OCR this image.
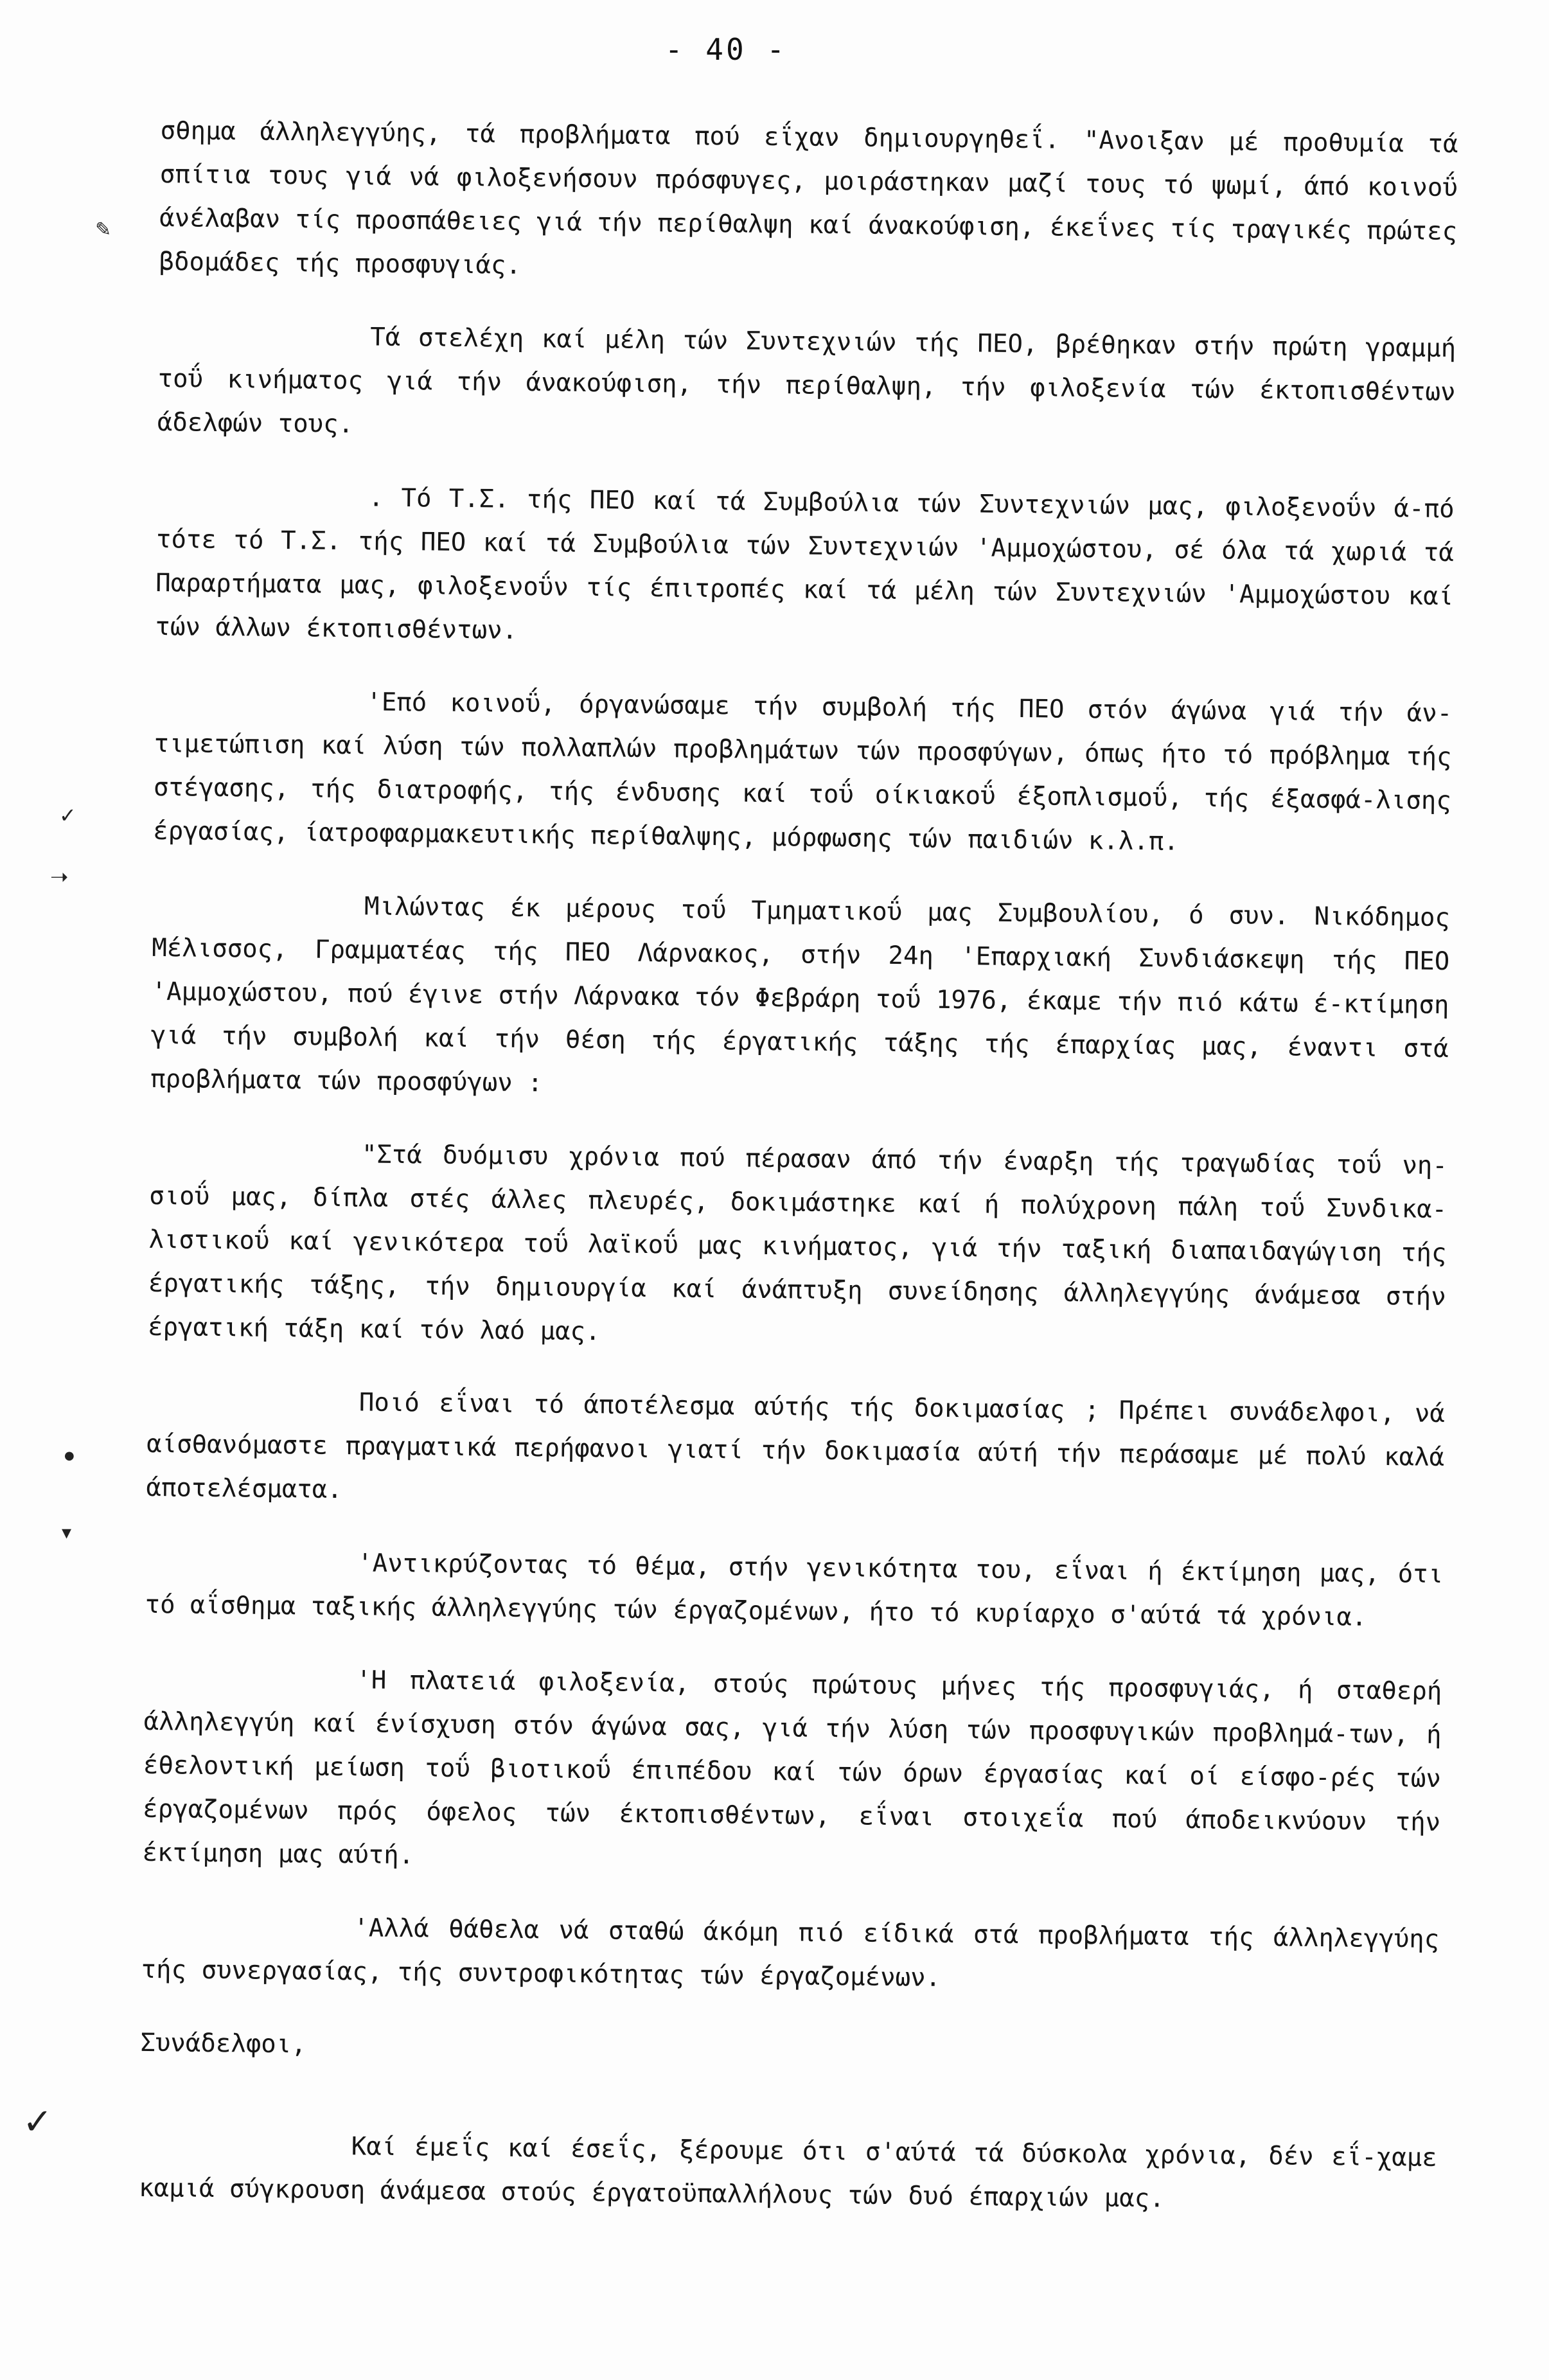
- 40 -
✎
✓
➝
●
▾
✓

σθημα άλληλεγγύης, τά προβλήματα πού εΐχαν δημιουργηθεΐ. "Ανοιξαν μέ προθυμία τά σπίτια τους γιά νά φιλοξενήσουν πρόσφυγες, μοιράστηκαν μαζί τους τό ψωμί, άπό κοινοΰ άνέλαβαν τίς προσπάθειες γιά τήν περίθαλψη καί άνακούφιση, έκεΐνες τίς τραγικές πρώτες βδομάδες τής προσφυγιάς.

Τά στελέχη καί μέλη τών Συντεχνιών τής ΠΕΟ, βρέθηκαν στήν πρώτη γραμμή τοΰ κινήματος γιά τήν άνακούφιση, τήν περίθαλψη, τήν φιλοξενία τών έκτοπισθέντων άδελφών τους.

. Τό Τ.Σ. τής ΠΕΟ καί τά Συμβούλια τών Συντεχνιών μας, φιλοξενοΰν ά-πό τότε τό Τ.Σ. τής ΠΕΟ καί τά Συμβούλια τών Συντεχνιών 'Αμμοχώστου, σέ όλα τά χωριά τά Παραρτήματα μας, φιλοξενοΰν τίς έπιτροπές καί τά μέλη τών Συντεχνιών 'Αμμοχώστου καί τών άλλων έκτοπισθέντων.

'Επό κοινοΰ, όργανώσαμε τήν συμβολή τής ΠΕΟ στόν άγώνα γιά τήν άν-τιμετώπιση καί λύση τών πολλαπλών προβλημάτων τών προσφύγων, όπως ήτο τό πρόβλημα τής στέγασης, τής διατροφής, τής ένδυσης καί τοΰ οίκιακοΰ έξοπλισμοΰ, τής έξασφά-λισης έργασίας, ίατροφαρμακευτικής περίθαλψης, μόρφωσης τών παιδιών κ.λ.π.

Μιλώντας έκ μέρους τοΰ Τμηματικοΰ μας Συμβουλίου, ό συν. Νικόδημος Μέλισσος, Γραμματέας τής ΠΕΟ Λάρνακος, στήν 24η 'Επαρχιακή Συνδιάσκεψη τής ΠΕΟ 'Αμμοχώστου, πού έγινε στήν Λάρνακα τόν Φεβράρη τοΰ 1976, έκαμε τήν πιό κάτω έ-κτίμηση γιά τήν συμβολή καί τήν θέση τής έργατικής τάξης τής έπαρχίας μας, έναντι στά προβλήματα τών προσφύγων :

"Στά δυόμισυ χρόνια πού πέρασαν άπό τήν έναρξη τής τραγωδίας τοΰ νη-σιοΰ μας, δίπλα στές άλλες πλευρές, δοκιμάστηκε καί ή πολύχρονη πάλη τοΰ Συνδικα-λιστικοΰ καί γενικότερα τοΰ λαϊκοΰ μας κινήματος, γιά τήν ταξική διαπαιδαγώγιση τής έργατικής τάξης, τήν δημιουργία καί άνάπτυξη συνείδησης άλληλεγγύης άνάμεσα στήν έργατική τάξη καί τόν λαό μας.

Ποιό εΐναι τό άποτέλεσμα αύτής τής δοκιμασίας ; Πρέπει συνάδελφοι, νά αίσθανόμαστε πραγματικά περήφανοι γιατί τήν δοκιμασία αύτή τήν περάσαμε μέ πολύ καλά άποτελέσματα.

'Αντικρύζοντας τό θέμα, στήν γενικότητα του, εΐναι ή έκτίμηση μας, ότι τό αΐσθημα ταξικής άλληλεγγύης τών έργαζομένων, ήτο τό κυρίαρχο σ'αύτά τά χρόνια.

'Η πλατειά φιλοξενία, στούς πρώτους μήνες τής προσφυγιάς, ή σταθερή άλληλεγγύη καί ένίσχυση στόν άγώνα σας, γιά τήν λύση τών προσφυγικών προβλημά-των, ή έθελοντική μείωση τοΰ βιοτικοΰ έπιπέδου καί τών όρων έργασίας καί οί είσφο-ρές τών έργαζομένων πρός όφελος τών έκτοπισθέντων, εΐναι στοιχεΐα πού άποδεικνύουν τήν έκτίμηση μας αύτή.

'Αλλά θάθελα νά σταθώ άκόμη πιό είδικά στά προβλήματα τής άλληλεγγύης τής συνεργασίας, τής συντροφικότητας τών έργαζομένων.

Συνάδελφοι,

Καί έμεΐς καί έσεΐς, ξέρουμε ότι σ'αύτά τά δύσκολα χρόνια, δέν εΐ-χαμε καμιά σύγκρουση άνάμεσα στούς έργατοϋπαλλήλους τών δυό έπαρχιών μας.
